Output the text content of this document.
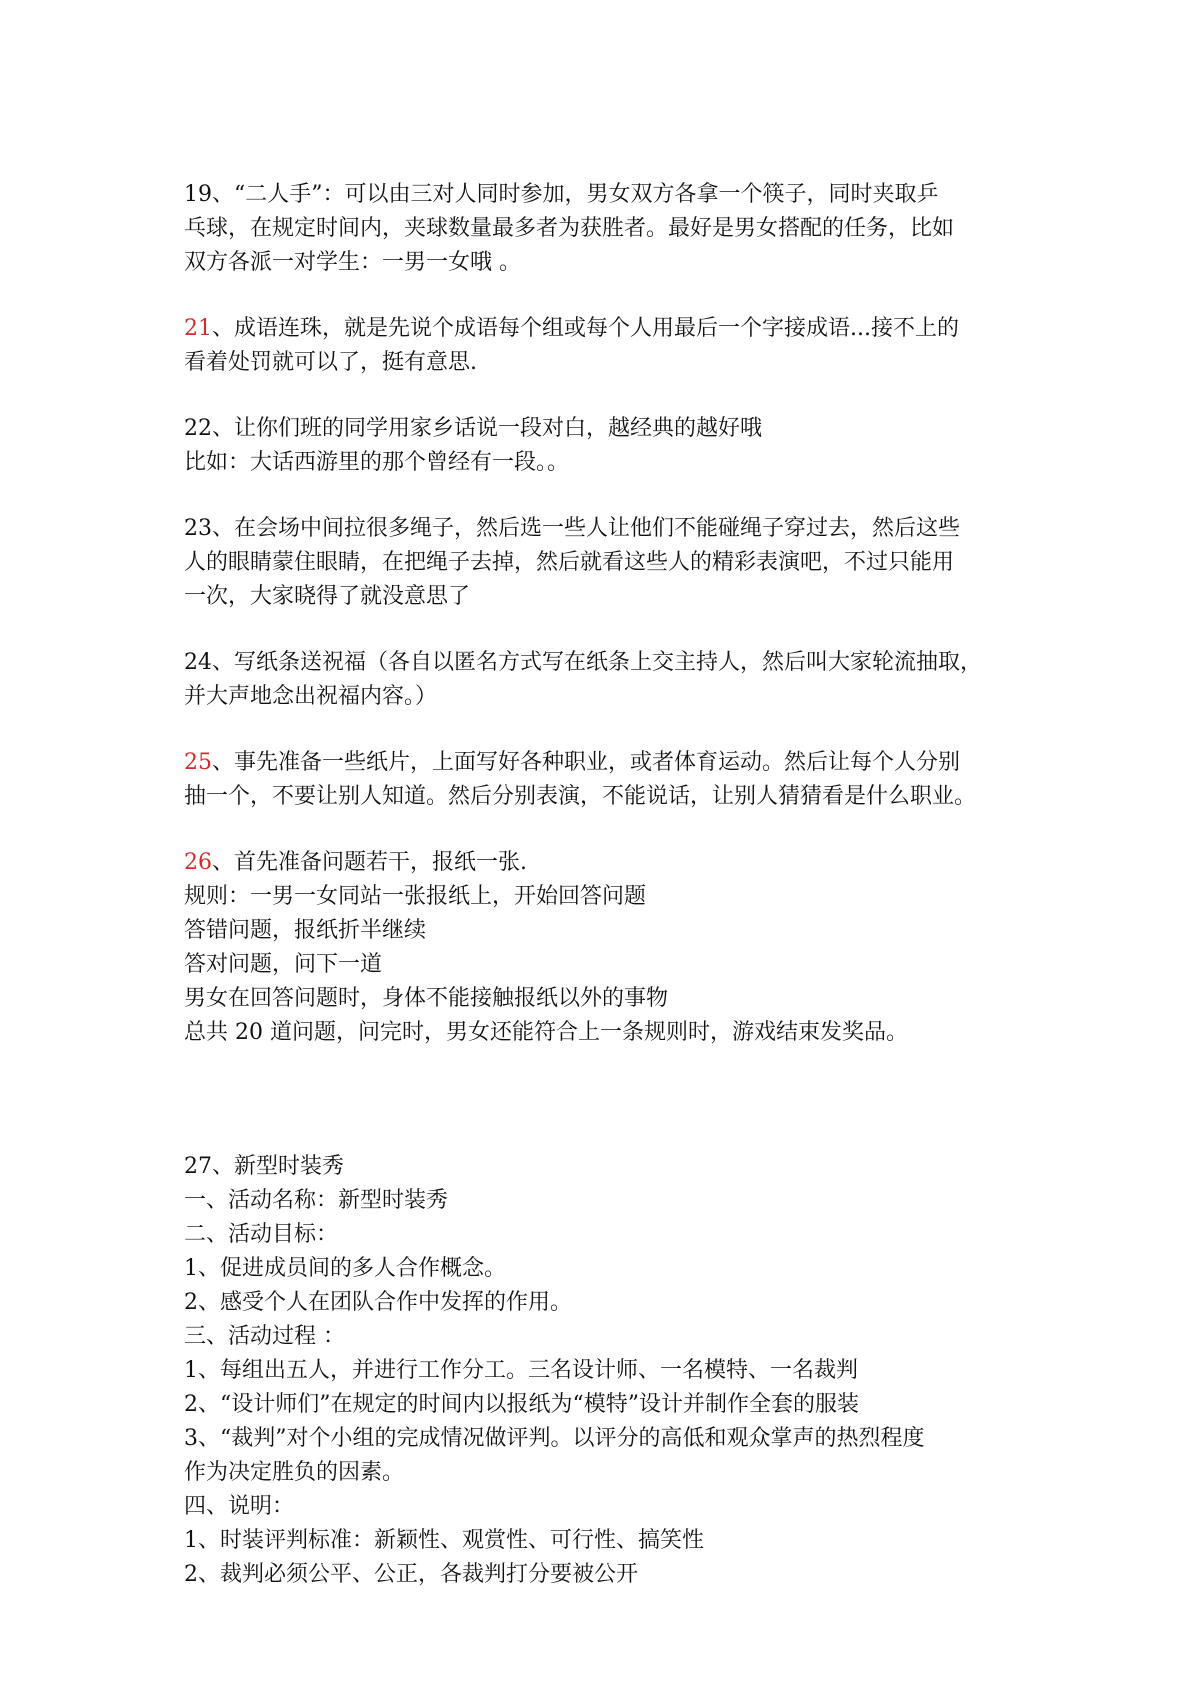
19、“二人手”：可以由三对人同时参加，男女双方各拿一个筷子，同时夹取乒
乓球，在规定时间内，夹球数量最多者为获胜者。最好是男女搭配的任务，比如
双方各派一对学生：一男一女哦 。
21、成语连珠，就是先说个成语每个组或每个人用最后一个字接成语...接不上的
看着处罚就可以了，挺有意思.
22、让你们班的同学用家乡话说一段对白，越经典的越好哦
比如：大话西游里的那个曾经有一段。。
23、在会场中间拉很多绳子，然后选一些人让他们不能碰绳子穿过去，然后这些
人的眼睛蒙住眼睛，在把绳子去掉，然后就看这些人的精彩表演吧，不过只能用
一次，大家晓得了就没意思了
24、写纸条送祝福（各自以匿名方式写在纸条上交主持人，然后叫大家轮流抽取，
并大声地念出祝福内容。）
25、事先准备一些纸片，上面写好各种职业，或者体育运动。然后让每个人分别
抽一个，不要让别人知道。然后分别表演，不能说话，让别人猜猜看是什么职业。
26、首先准备问题若干，报纸一张.
规则：一男一女同站一张报纸上，开始回答问题
答错问题，报纸折半继续
答对问题，问下一道
男女在回答问题时，身体不能接触报纸以外的事物
总共 20 道问题，问完时，男女还能符合上一条规则时，游戏结束发奖品。
27、新型时装秀
一、活动名称：新型时装秀
二、活动目标：
1、促进成员间的多人合作概念。
2、感受个人在团队合作中发挥的作用。
三、活动过程 ：
1、每组出五人，并进行工作分工。三名设计师、一名模特、一名裁判
2、“设计师们”在规定的时间内以报纸为“模特”设计并制作全套的服装
3、“裁判”对个小组的完成情况做评判。以评分的高低和观众掌声的热烈程度
作为决定胜负的因素。
四、说明：
1、时装评判标准：新颖性、观赏性、可行性、搞笑性
2、裁判必须公平、公正，各裁判打分要被公开
